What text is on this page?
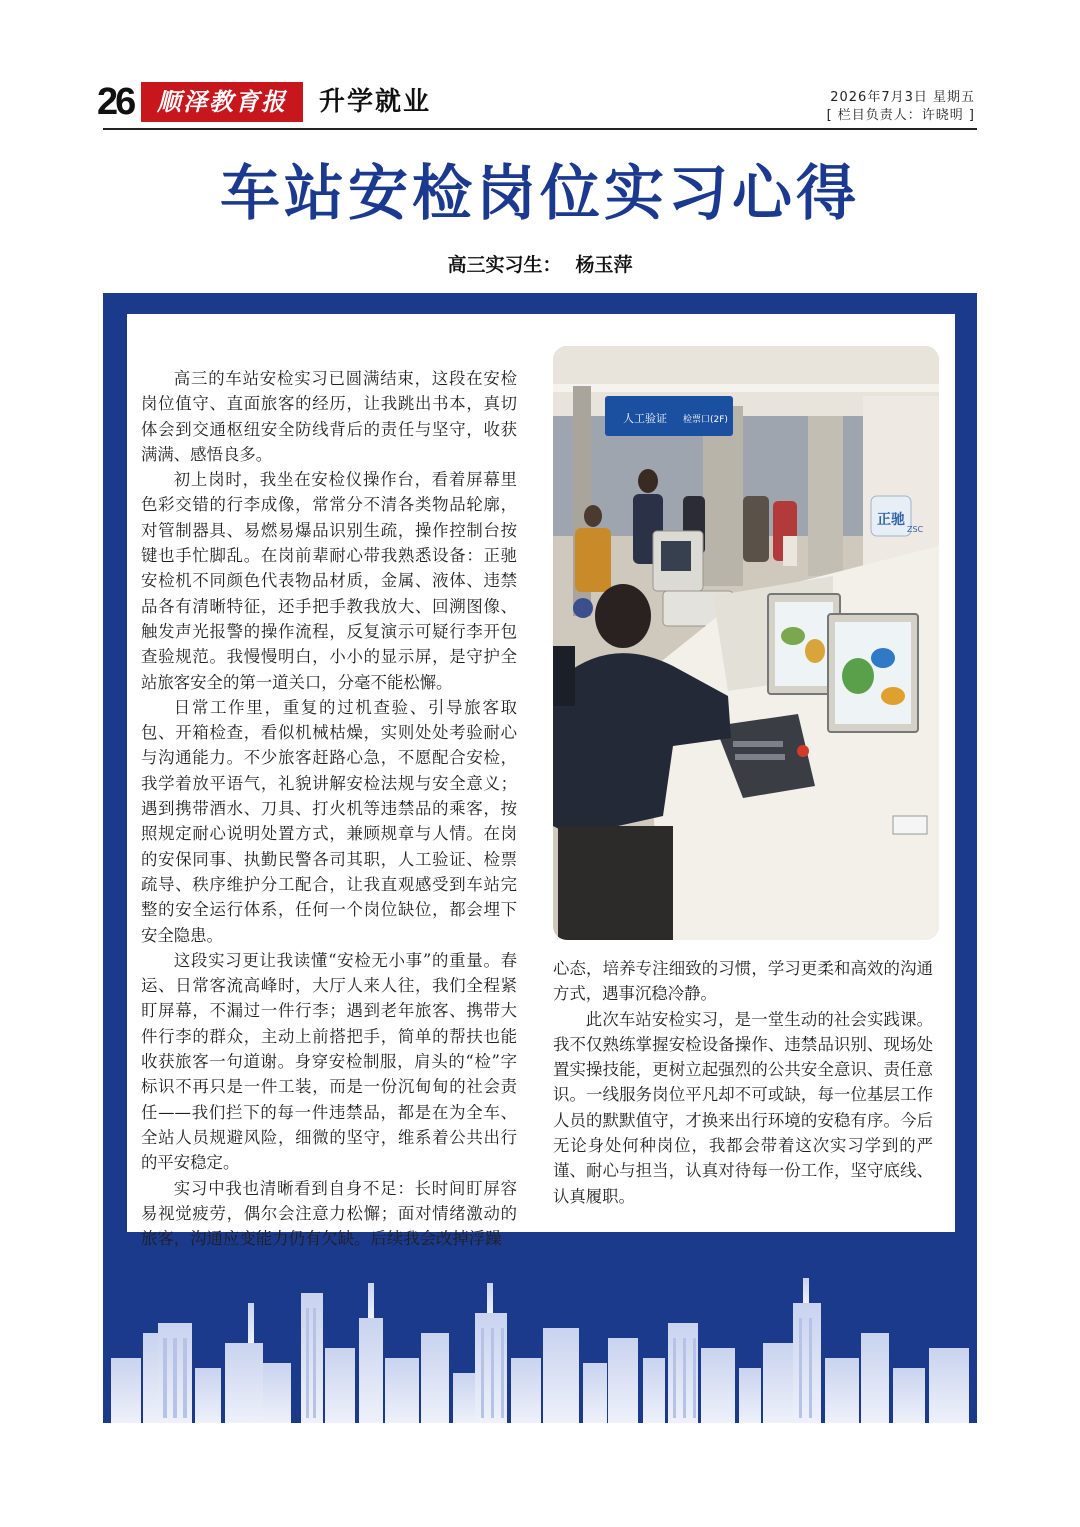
26 顺泽教育报	升学就业	2026年7月3日 星期五
[ 栏目负责人：许晓明 ]
车站安检岗位实习心得
高三实习生： 杨玉萍

高三的车站安检实习已圆满结束，这段在安检岗位值守、直面旅客的经历，让我跳出书本，真切体会到交通枢纽安全防线背后的责任与坚守，收获满满、感悟良多。

初上岗时，我坐在安检仪操作台，看着屏幕里色彩交错的行李成像，常常分不清各类物品轮廓，对管制器具、易燃易爆品识别生疏，操作控制台按键也手忙脚乱。在岗前辈耐心带我熟悉设备：正驰安检机不同颜色代表物品材质，金属、液体、违禁品各有清晰特征，还手把手教我放大、回溯图像、触发声光报警的操作流程，反复演示可疑行李开包查验规范。我慢慢明白，小小的显示屏，是守护全站旅客安全的第一道关口，分毫不能松懈。

日常工作里，重复的过机查验、引导旅客取包、开箱检查，看似机械枯燥，实则处处考验耐心与沟通能力。不少旅客赶路心急，不愿配合安检，我学着放平语气，礼貌讲解安检法规与安全意义；遇到携带酒水、刀具、打火机等违禁品的乘客，按照规定耐心说明处置方式，兼顾规章与人情。在岗的安保同事、执勤民警各司其职，人工验证、检票疏导、秩序维护分工配合，让我直观感受到车站完整的安全运行体系，任何一个岗位缺位，都会埋下安全隐患。

这段实习更让我读懂“安检无小事”的重量。春运、日常客流高峰时，大厅人来人往，我们全程紧盯屏幕，不漏过一件行李；遇到老年旅客、携带大件行李的群众，主动上前搭把手，简单的帮扶也能收获旅客一句道谢。身穿安检制服，肩头的“检”字标识不再只是一件工装，而是一份沉甸甸的社会责任——我们拦下的每一件违禁品，都是在为全车、全站人员规避风险，细微的坚守，维系着公共出行的平安稳定。

实习中我也清晰看到自身不足：长时间盯屏容易视觉疲劳，偶尔会注意力松懈；面对情绪激动的旅客，沟通应变能力仍有欠缺。后续我会改掉浮躁

人工验证 检票口(2F)
正驰
ZSC

心态，培养专注细致的习惯，学习更柔和高效的沟通方式，遇事沉稳冷静。

此次车站安检实习，是一堂生动的社会实践课。我不仅熟练掌握安检设备操作、违禁品识别、现场处置实操技能，更树立起强烈的公共安全意识、责任意识。一线服务岗位平凡却不可或缺，每一位基层工作人员的默默值守，才换来出行环境的安稳有序。今后无论身处何种岗位，我都会带着这次实习学到的严谨、耐心与担当，认真对待每一份工作，坚守底线、认真履职。
